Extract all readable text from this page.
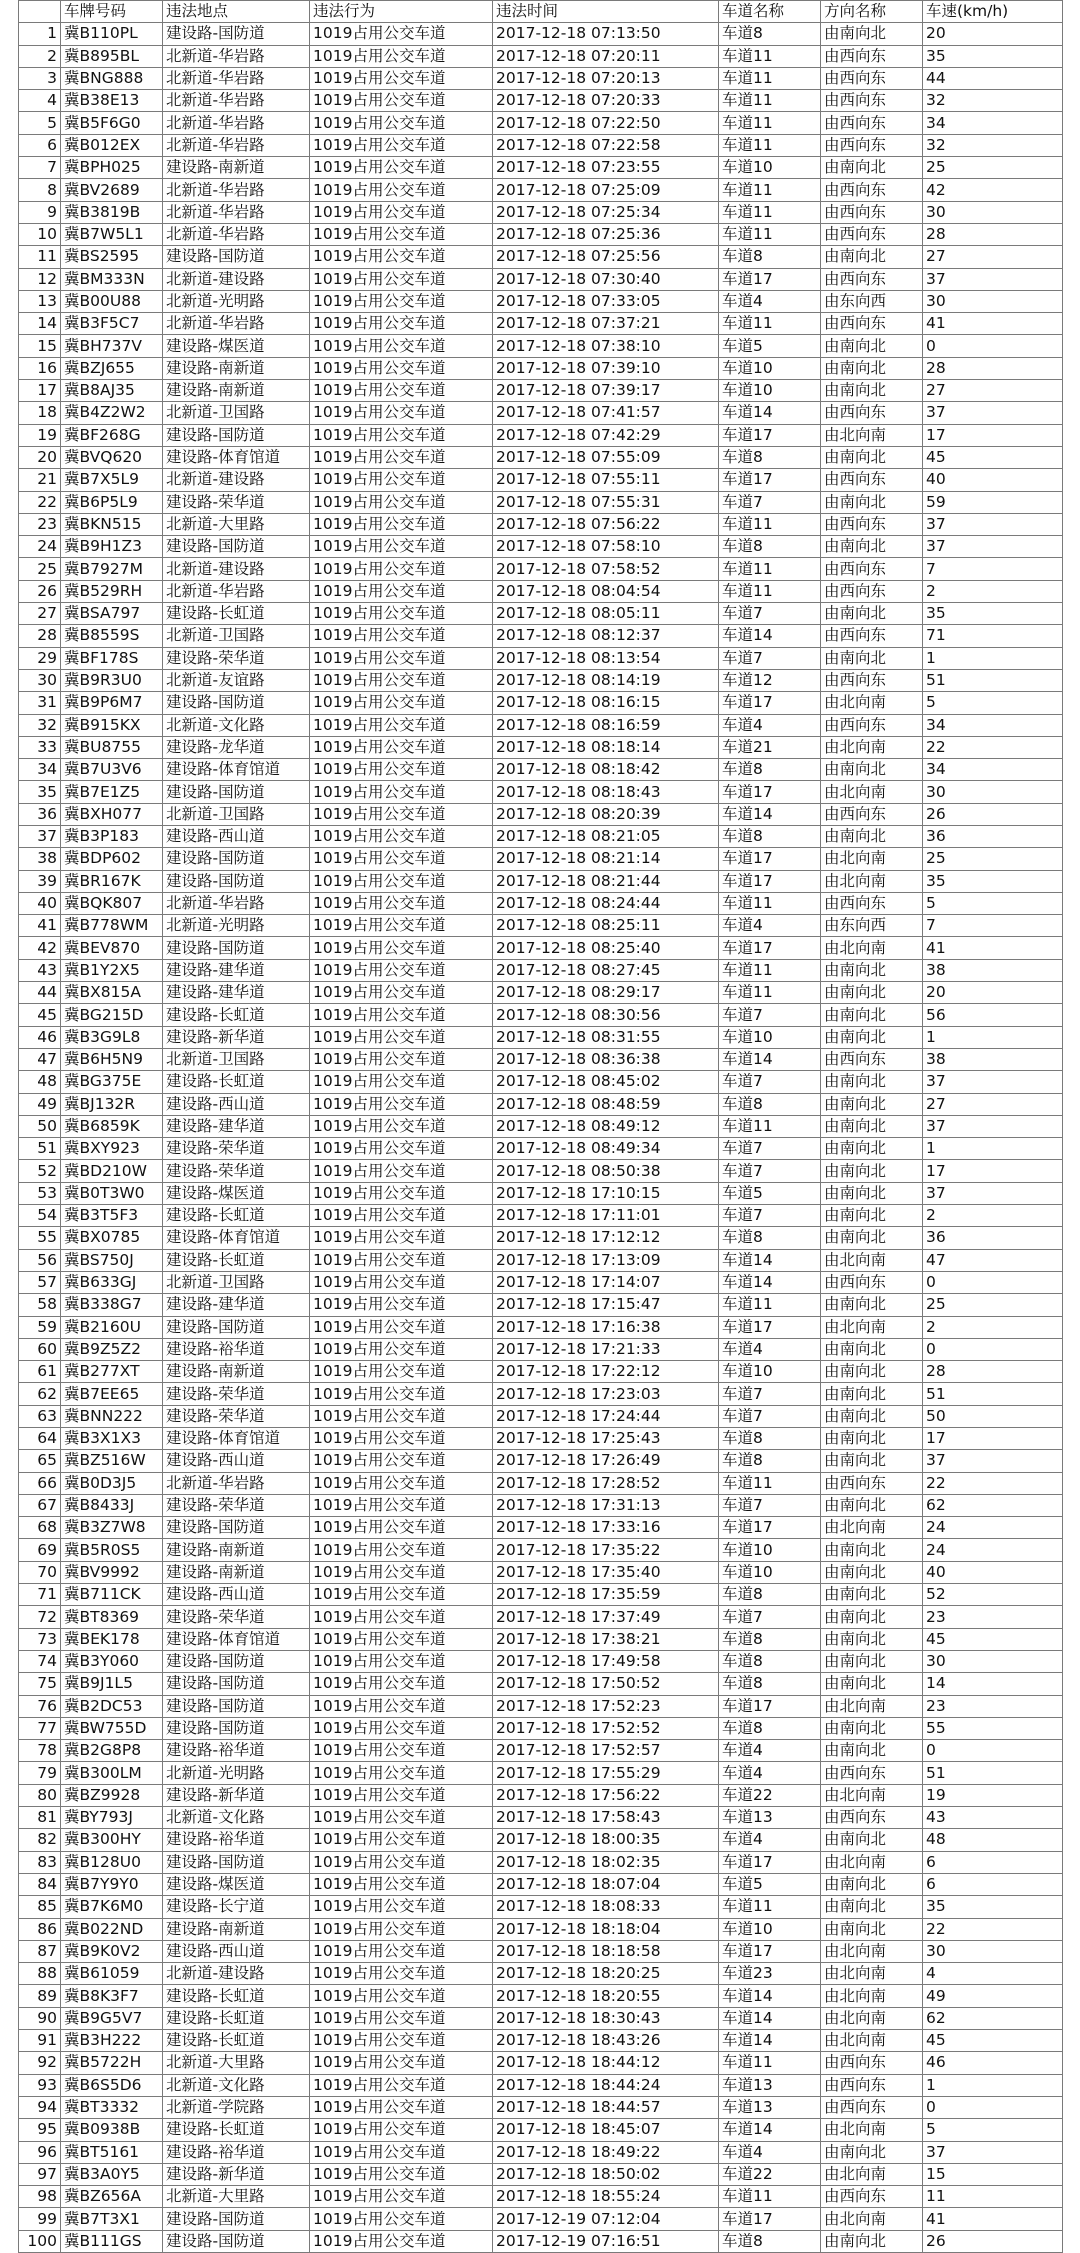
	车牌号码	违法地点	违法行为	违法时间	车道名称	方向名称	车速(km/h)
1	冀B110PL	建设路-国防道	1019占用公交车道	2017-12-18 07:13:50	车道8	由南向北	20
2	冀B895BL	北新道-华岩路	1019占用公交车道	2017-12-18 07:20:11	车道11	由西向东	35
3	冀BNG888	北新道-华岩路	1019占用公交车道	2017-12-18 07:20:13	车道11	由西向东	44
4	冀B38E13	北新道-华岩路	1019占用公交车道	2017-12-18 07:20:33	车道11	由西向东	32
5	冀B5F6G0	北新道-华岩路	1019占用公交车道	2017-12-18 07:22:50	车道11	由西向东	34
6	冀B012EX	北新道-华岩路	1019占用公交车道	2017-12-18 07:22:58	车道11	由西向东	32
7	冀BPH025	建设路-南新道	1019占用公交车道	2017-12-18 07:23:55	车道10	由南向北	25
8	冀BV2689	北新道-华岩路	1019占用公交车道	2017-12-18 07:25:09	车道11	由西向东	42
9	冀B3819B	北新道-华岩路	1019占用公交车道	2017-12-18 07:25:34	车道11	由西向东	30
10	冀B7W5L1	北新道-华岩路	1019占用公交车道	2017-12-18 07:25:36	车道11	由西向东	28
11	冀BS2595	建设路-国防道	1019占用公交车道	2017-12-18 07:25:56	车道8	由南向北	27
12	冀BM333N	北新道-建设路	1019占用公交车道	2017-12-18 07:30:40	车道17	由西向东	37
13	冀B00U88	北新道-光明路	1019占用公交车道	2017-12-18 07:33:05	车道4	由东向西	30
14	冀B3F5C7	北新道-华岩路	1019占用公交车道	2017-12-18 07:37:21	车道11	由西向东	41
15	冀BH737V	建设路-煤医道	1019占用公交车道	2017-12-18 07:38:10	车道5	由南向北	0
16	冀BZJ655	建设路-南新道	1019占用公交车道	2017-12-18 07:39:10	车道10	由南向北	28
17	冀B8AJ35	建设路-南新道	1019占用公交车道	2017-12-18 07:39:17	车道10	由南向北	27
18	冀B4Z2W2	北新道-卫国路	1019占用公交车道	2017-12-18 07:41:57	车道14	由西向东	37
19	冀BF268G	建设路-国防道	1019占用公交车道	2017-12-18 07:42:29	车道17	由北向南	17
20	冀BVQ620	建设路-体育馆道	1019占用公交车道	2017-12-18 07:55:09	车道8	由南向北	45
21	冀B7X5L9	北新道-建设路	1019占用公交车道	2017-12-18 07:55:11	车道17	由西向东	40
22	冀B6P5L9	建设路-荣华道	1019占用公交车道	2017-12-18 07:55:31	车道7	由南向北	59
23	冀BKN515	北新道-大里路	1019占用公交车道	2017-12-18 07:56:22	车道11	由西向东	37
24	冀B9H1Z3	建设路-国防道	1019占用公交车道	2017-12-18 07:58:10	车道8	由南向北	37
25	冀B7927M	北新道-建设路	1019占用公交车道	2017-12-18 07:58:52	车道11	由西向东	7
26	冀B529RH	北新道-华岩路	1019占用公交车道	2017-12-18 08:04:54	车道11	由西向东	2
27	冀BSA797	建设路-长虹道	1019占用公交车道	2017-12-18 08:05:11	车道7	由南向北	35
28	冀B8559S	北新道-卫国路	1019占用公交车道	2017-12-18 08:12:37	车道14	由西向东	71
29	冀BF178S	建设路-荣华道	1019占用公交车道	2017-12-18 08:13:54	车道7	由南向北	1
30	冀B9R3U0	北新道-友谊路	1019占用公交车道	2017-12-18 08:14:19	车道12	由西向东	51
31	冀B9P6M7	建设路-国防道	1019占用公交车道	2017-12-18 08:16:15	车道17	由北向南	5
32	冀B915KX	北新道-文化路	1019占用公交车道	2017-12-18 08:16:59	车道4	由西向东	34
33	冀BU8755	建设路-龙华道	1019占用公交车道	2017-12-18 08:18:14	车道21	由北向南	22
34	冀B7U3V6	建设路-体育馆道	1019占用公交车道	2017-12-18 08:18:42	车道8	由南向北	34
35	冀B7E1Z5	建设路-国防道	1019占用公交车道	2017-12-18 08:18:43	车道17	由北向南	30
36	冀BXH077	北新道-卫国路	1019占用公交车道	2017-12-18 08:20:39	车道14	由西向东	26
37	冀B3P183	建设路-西山道	1019占用公交车道	2017-12-18 08:21:05	车道8	由南向北	36
38	冀BDP602	建设路-国防道	1019占用公交车道	2017-12-18 08:21:14	车道17	由北向南	25
39	冀BR167K	建设路-国防道	1019占用公交车道	2017-12-18 08:21:44	车道17	由北向南	35
40	冀BQK807	北新道-华岩路	1019占用公交车道	2017-12-18 08:24:44	车道11	由西向东	5
41	冀B778WM	北新道-光明路	1019占用公交车道	2017-12-18 08:25:11	车道4	由东向西	7
42	冀BEV870	建设路-国防道	1019占用公交车道	2017-12-18 08:25:40	车道17	由北向南	41
43	冀B1Y2X5	建设路-建华道	1019占用公交车道	2017-12-18 08:27:45	车道11	由南向北	38
44	冀BX815A	建设路-建华道	1019占用公交车道	2017-12-18 08:29:17	车道11	由南向北	20
45	冀BG215D	建设路-长虹道	1019占用公交车道	2017-12-18 08:30:56	车道7	由南向北	56
46	冀B3G9L8	建设路-新华道	1019占用公交车道	2017-12-18 08:31:55	车道10	由南向北	1
47	冀B6H5N9	北新道-卫国路	1019占用公交车道	2017-12-18 08:36:38	车道14	由西向东	38
48	冀BG375E	建设路-长虹道	1019占用公交车道	2017-12-18 08:45:02	车道7	由南向北	37
49	冀BJ132R	建设路-西山道	1019占用公交车道	2017-12-18 08:48:59	车道8	由南向北	27
50	冀B6859K	建设路-建华道	1019占用公交车道	2017-12-18 08:49:12	车道11	由南向北	37
51	冀BXY923	建设路-荣华道	1019占用公交车道	2017-12-18 08:49:34	车道7	由南向北	1
52	冀BD210W	建设路-荣华道	1019占用公交车道	2017-12-18 08:50:38	车道7	由南向北	17
53	冀B0T3W0	建设路-煤医道	1019占用公交车道	2017-12-18 17:10:15	车道5	由南向北	37
54	冀B3T5F3	建设路-长虹道	1019占用公交车道	2017-12-18 17:11:01	车道7	由南向北	2
55	冀BX0785	建设路-体育馆道	1019占用公交车道	2017-12-18 17:12:12	车道8	由南向北	36
56	冀BS750J	建设路-长虹道	1019占用公交车道	2017-12-18 17:13:09	车道14	由北向南	47
57	冀B633GJ	北新道-卫国路	1019占用公交车道	2017-12-18 17:14:07	车道14	由西向东	0
58	冀B338G7	建设路-建华道	1019占用公交车道	2017-12-18 17:15:47	车道11	由南向北	25
59	冀B2160U	建设路-国防道	1019占用公交车道	2017-12-18 17:16:38	车道17	由北向南	2
60	冀B9Z5Z2	建设路-裕华道	1019占用公交车道	2017-12-18 17:21:33	车道4	由南向北	0
61	冀B277XT	建设路-南新道	1019占用公交车道	2017-12-18 17:22:12	车道10	由南向北	28
62	冀B7EE65	建设路-荣华道	1019占用公交车道	2017-12-18 17:23:03	车道7	由南向北	51
63	冀BNN222	建设路-荣华道	1019占用公交车道	2017-12-18 17:24:44	车道7	由南向北	50
64	冀B3X1X3	建设路-体育馆道	1019占用公交车道	2017-12-18 17:25:43	车道8	由南向北	17
65	冀BZ516W	建设路-西山道	1019占用公交车道	2017-12-18 17:26:49	车道8	由南向北	37
66	冀B0D3J5	北新道-华岩路	1019占用公交车道	2017-12-18 17:28:52	车道11	由西向东	22
67	冀B8433J	建设路-荣华道	1019占用公交车道	2017-12-18 17:31:13	车道7	由南向北	62
68	冀B3Z7W8	建设路-国防道	1019占用公交车道	2017-12-18 17:33:16	车道17	由北向南	24
69	冀B5R0S5	建设路-南新道	1019占用公交车道	2017-12-18 17:35:22	车道10	由南向北	24
70	冀BV9992	建设路-南新道	1019占用公交车道	2017-12-18 17:35:40	车道10	由南向北	40
71	冀B711CK	建设路-西山道	1019占用公交车道	2017-12-18 17:35:59	车道8	由南向北	52
72	冀BT8369	建设路-荣华道	1019占用公交车道	2017-12-18 17:37:49	车道7	由南向北	23
73	冀BEK178	建设路-体育馆道	1019占用公交车道	2017-12-18 17:38:21	车道8	由南向北	45
74	冀B3Y060	建设路-国防道	1019占用公交车道	2017-12-18 17:49:58	车道8	由南向北	30
75	冀B9J1L5	建设路-国防道	1019占用公交车道	2017-12-18 17:50:52	车道8	由南向北	14
76	冀B2DC53	建设路-国防道	1019占用公交车道	2017-12-18 17:52:23	车道17	由北向南	23
77	冀BW755D	建设路-国防道	1019占用公交车道	2017-12-18 17:52:52	车道8	由南向北	55
78	冀B2G8P8	建设路-裕华道	1019占用公交车道	2017-12-18 17:52:57	车道4	由南向北	0
79	冀B300LM	北新道-光明路	1019占用公交车道	2017-12-18 17:55:29	车道4	由西向东	51
80	冀BZ9928	建设路-新华道	1019占用公交车道	2017-12-18 17:56:22	车道22	由北向南	19
81	冀BY793J	北新道-文化路	1019占用公交车道	2017-12-18 17:58:43	车道13	由西向东	43
82	冀B300HY	建设路-裕华道	1019占用公交车道	2017-12-18 18:00:35	车道4	由南向北	48
83	冀B128U0	建设路-国防道	1019占用公交车道	2017-12-18 18:02:35	车道17	由北向南	6
84	冀B7Y9Y0	建设路-煤医道	1019占用公交车道	2017-12-18 18:07:04	车道5	由南向北	6
85	冀B7K6M0	建设路-长宁道	1019占用公交车道	2017-12-18 18:08:33	车道11	由南向北	35
86	冀B022ND	建设路-南新道	1019占用公交车道	2017-12-18 18:18:04	车道10	由南向北	22
87	冀B9K0V2	建设路-西山道	1019占用公交车道	2017-12-18 18:18:58	车道17	由北向南	30
88	冀B61059	北新道-建设路	1019占用公交车道	2017-12-18 18:20:25	车道23	由北向南	4
89	冀B8K3F7	建设路-长虹道	1019占用公交车道	2017-12-18 18:20:55	车道14	由北向南	49
90	冀B9G5V7	建设路-长虹道	1019占用公交车道	2017-12-18 18:30:43	车道14	由北向南	62
91	冀B3H222	建设路-长虹道	1019占用公交车道	2017-12-18 18:43:26	车道14	由北向南	45
92	冀B5722H	北新道-大里路	1019占用公交车道	2017-12-18 18:44:12	车道11	由西向东	46
93	冀B6S5D6	北新道-文化路	1019占用公交车道	2017-12-18 18:44:24	车道13	由西向东	1
94	冀BT3332	北新道-学院路	1019占用公交车道	2017-12-18 18:44:57	车道13	由西向东	0
95	冀B0938B	建设路-长虹道	1019占用公交车道	2017-12-18 18:45:07	车道14	由北向南	5
96	冀BT5161	建设路-裕华道	1019占用公交车道	2017-12-18 18:49:22	车道4	由南向北	37
97	冀B3A0Y5	建设路-新华道	1019占用公交车道	2017-12-18 18:50:02	车道22	由北向南	15
98	冀BZ656A	北新道-大里路	1019占用公交车道	2017-12-18 18:55:24	车道11	由西向东	11
99	冀B7T3X1	建设路-国防道	1019占用公交车道	2017-12-19 07:12:04	车道17	由北向南	41
100	冀B111GS	建设路-国防道	1019占用公交车道	2017-12-19 07:16:51	车道8	由南向北	26
